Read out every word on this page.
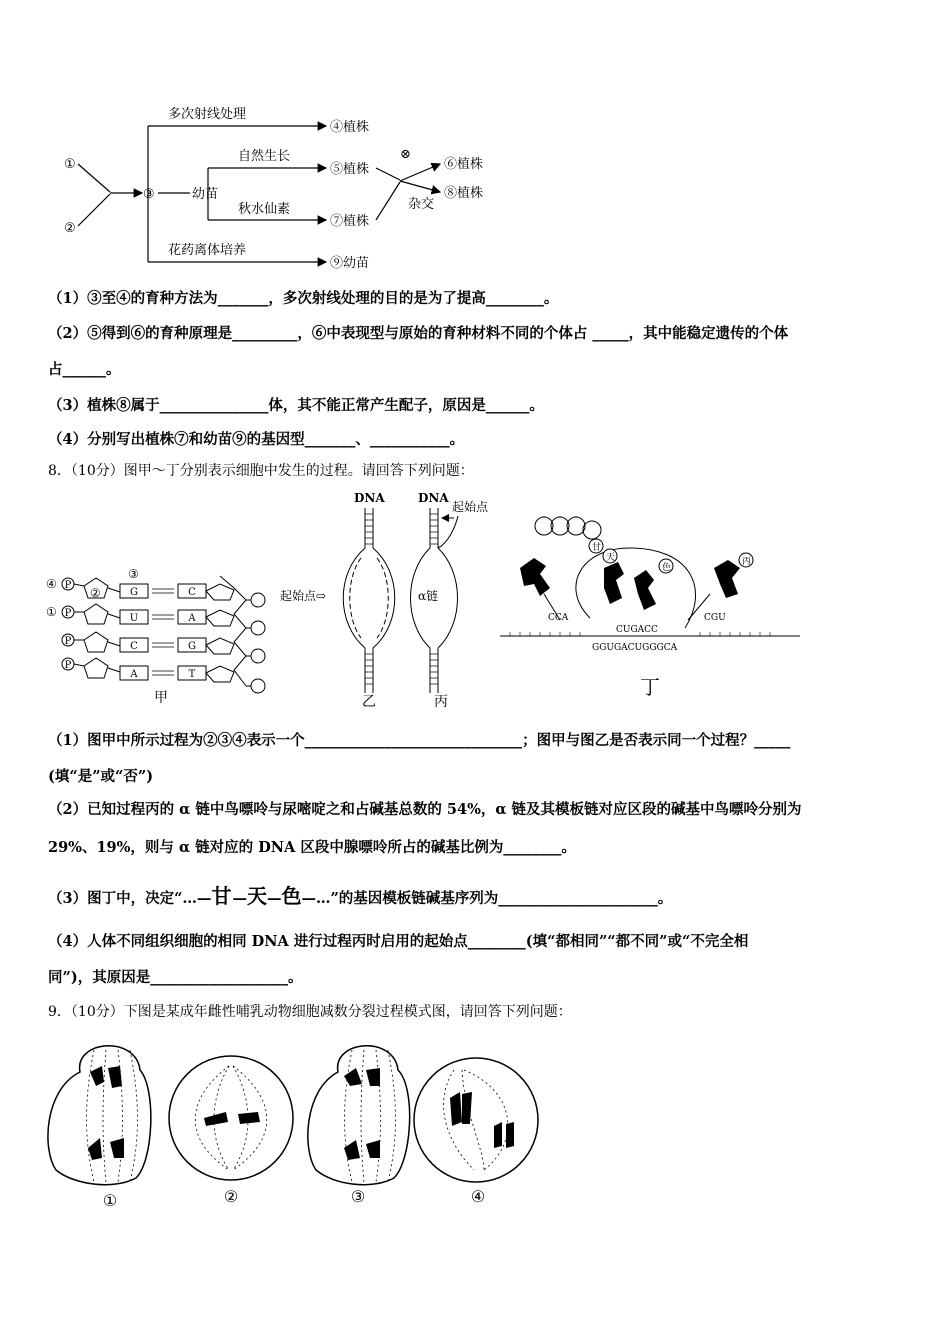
①
②
③	幼苗
多次射线处理
④植株
自然生长
⑤植株
⊗
⑥植株
秋水仙素
⑦植株
杂交
⑧植株
花药离体培养
⑨幼苗
（1）③至④的育种方法为_______，多次射线处理的目的是为了提高________。
（2）⑤得到⑥的育种原理是_________，⑥中表现型与原始的育种材料不同的个体占 _____，其中能稳定遗传的个体
占______。
（3）植株⑧属于_______________体，其不能正常产生配子，原因是______。
（4）分别写出植株⑦和幼苗⑨的基因型_______、___________。
8．（10分）图甲～丁分别表示细胞中发生的过程。请回答下列问题：
P
P
P
P
G
U
C
A
C
A
G
T
④
①
②
③
甲
DNA
起始点⇨
乙
DNA
起始点
α链
丙
甘
天
色
丙
CCA
CUGACC
CGU
GGUGACUGGGCA
丁
（1）图甲中所示过程为②③④表示一个______________________________；图甲与图乙是否表示同一个过程？_____
(填“是”或“否”)
（2）已知过程丙的 α 链中鸟嘌呤与尿嘧啶之和占碱基总数的 54%，α 链及其模板链对应区段的碱基中鸟嘌呤分别为
29%、19%，则与 α 链对应的 DNA 区段中腺嘌呤所占的碱基比例为________。
（3）图丁中，决定“…—甘—天—色—…”的基因模板链碱基序列为______________________。
（4）人体不同组织细胞的相同 DNA 进行过程丙时启用的起始点________(填“都相同”“都不同”或“不完全相
同”)，其原因是___________________。
9．（10分）下图是某成年雌性哺乳动物细胞减数分裂过程模式图，请回答下列问题：
①	②	③	④
